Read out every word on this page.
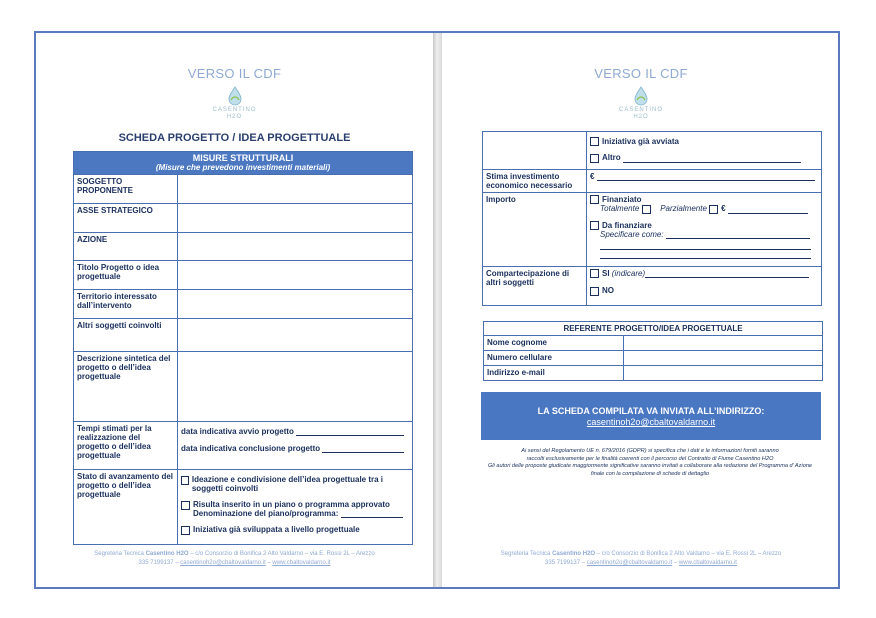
VERSO IL CDF
CASENTINO
H2O
SCHEDA PROGETTO / IDEA PROGETTUALE
MISURE STRUTTURALI
(Misure che prevedono investimenti materiali)	

SOGGETTO PROPONENTE	
ASSE STRATEGICO	
AZIONE	
Titolo Progetto o idea progettuale	
Territorio interessato dall’intervento	
Altri soggetti coinvolti	
Descrizione sintetica del progetto o dell’idea progettuale	
Tempi stimati per la realizzazione del progetto o dell’idea progettuale	data indicativa avvio progetto
data indicativa conclusione progetto

Stato di avanzamento del progetto o dell’idea progettuale	Ideazione e condivisione dell’idea progettuale tra i soggetti coinvolti
Risulta inserito in un piano o programma approvato
Denominazione del piano/programma:
Iniziativa già sviluppata a livello progettuale
Segreteria Tecnica Casentino H2O – c/o Consorzio di Bonifica 2 Alto Valdarno – via E. Rossi 2L – Arezzo
335 7199137 – casentinoh2o@cbaltovaldarno.it – www.cbaltovaldarno.it
VERSO IL CDF
CASENTINO
H2O

	Iniziativa già avviata
Altro

Stima investimento economico necessario	€
Importo	Finanziato
Totalmente Parzialmente €
Da finanziare
Specificare come:

Compartecipazione di altri soggetti	SI (indicare)
NO
REFERENTE PROGETTO/IDEA PROGETTUALE	
Nome cognome	
Numero cellulare	
Indirizzo e-mail	
LA SCHEDA COMPILATA VA INVIATA ALL’INDIRIZZO:
casentinoh2o@cbaltovaldarno.it
Ai sensi del Regolamento UE n. 679/2016 (GDPR) si specifica che i dati e le informazioni forniti saranno
raccolti esclusivamente per le finalità coerenti con il percorso del Contratto di Fiume Casentino H2O
Gli autori delle proposte giudicate maggiormente significative saranno invitati a collaborare alla redazione del Programma d’ Azione
finale con la compilazione di schede di dettaglio
Segreteria Tecnica Casentino H2O – c/o Consorzio di Bonifica 2 Alto Valdarno – via E. Rossi 2L – Arezzo
335 7199137 – casentinoh2o@cbaltovaldarno.it – www.cbaltovaldarno.it
